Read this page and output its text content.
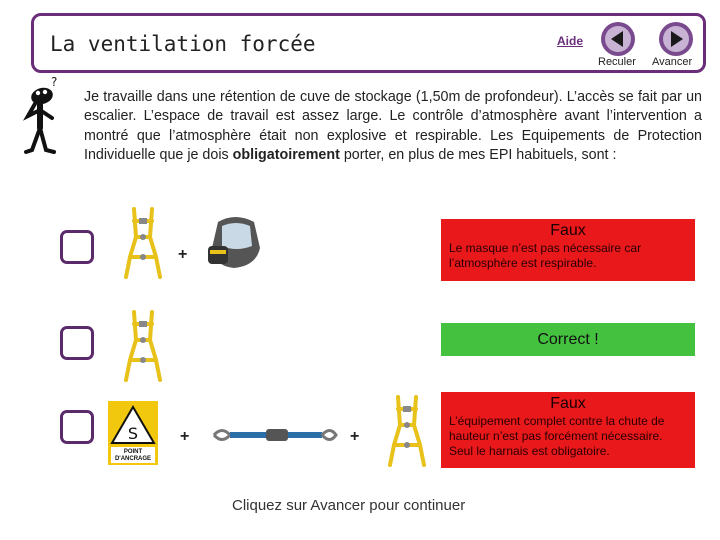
La ventilation forcée	Aide
Reculer Avancer
?
Je travaille dans une rétention de cuve de stockage (1,50m de profondeur). L’accès se fait par un escalier. L’espace de travail est assez large. Le contrôle d’atmosphère avant l’intervention a montré que l’atmosphère était non explosive et respirable. Les Equipements de Protection Individuelle que je dois obligatoirement porter, en plus de mes EPI habituels, sont :
+
Faux
Le masque n’est pas nécessaire car l’atmosphère est respirable.
Correct !
S
POINT
D'ANCRAGE
+	+
Faux
L’équipement complet contre la chute de hauteur n’est pas forcément nécessaire. Seul le harnais est obligatoire.
Cliquez sur Avancer pour continuer
